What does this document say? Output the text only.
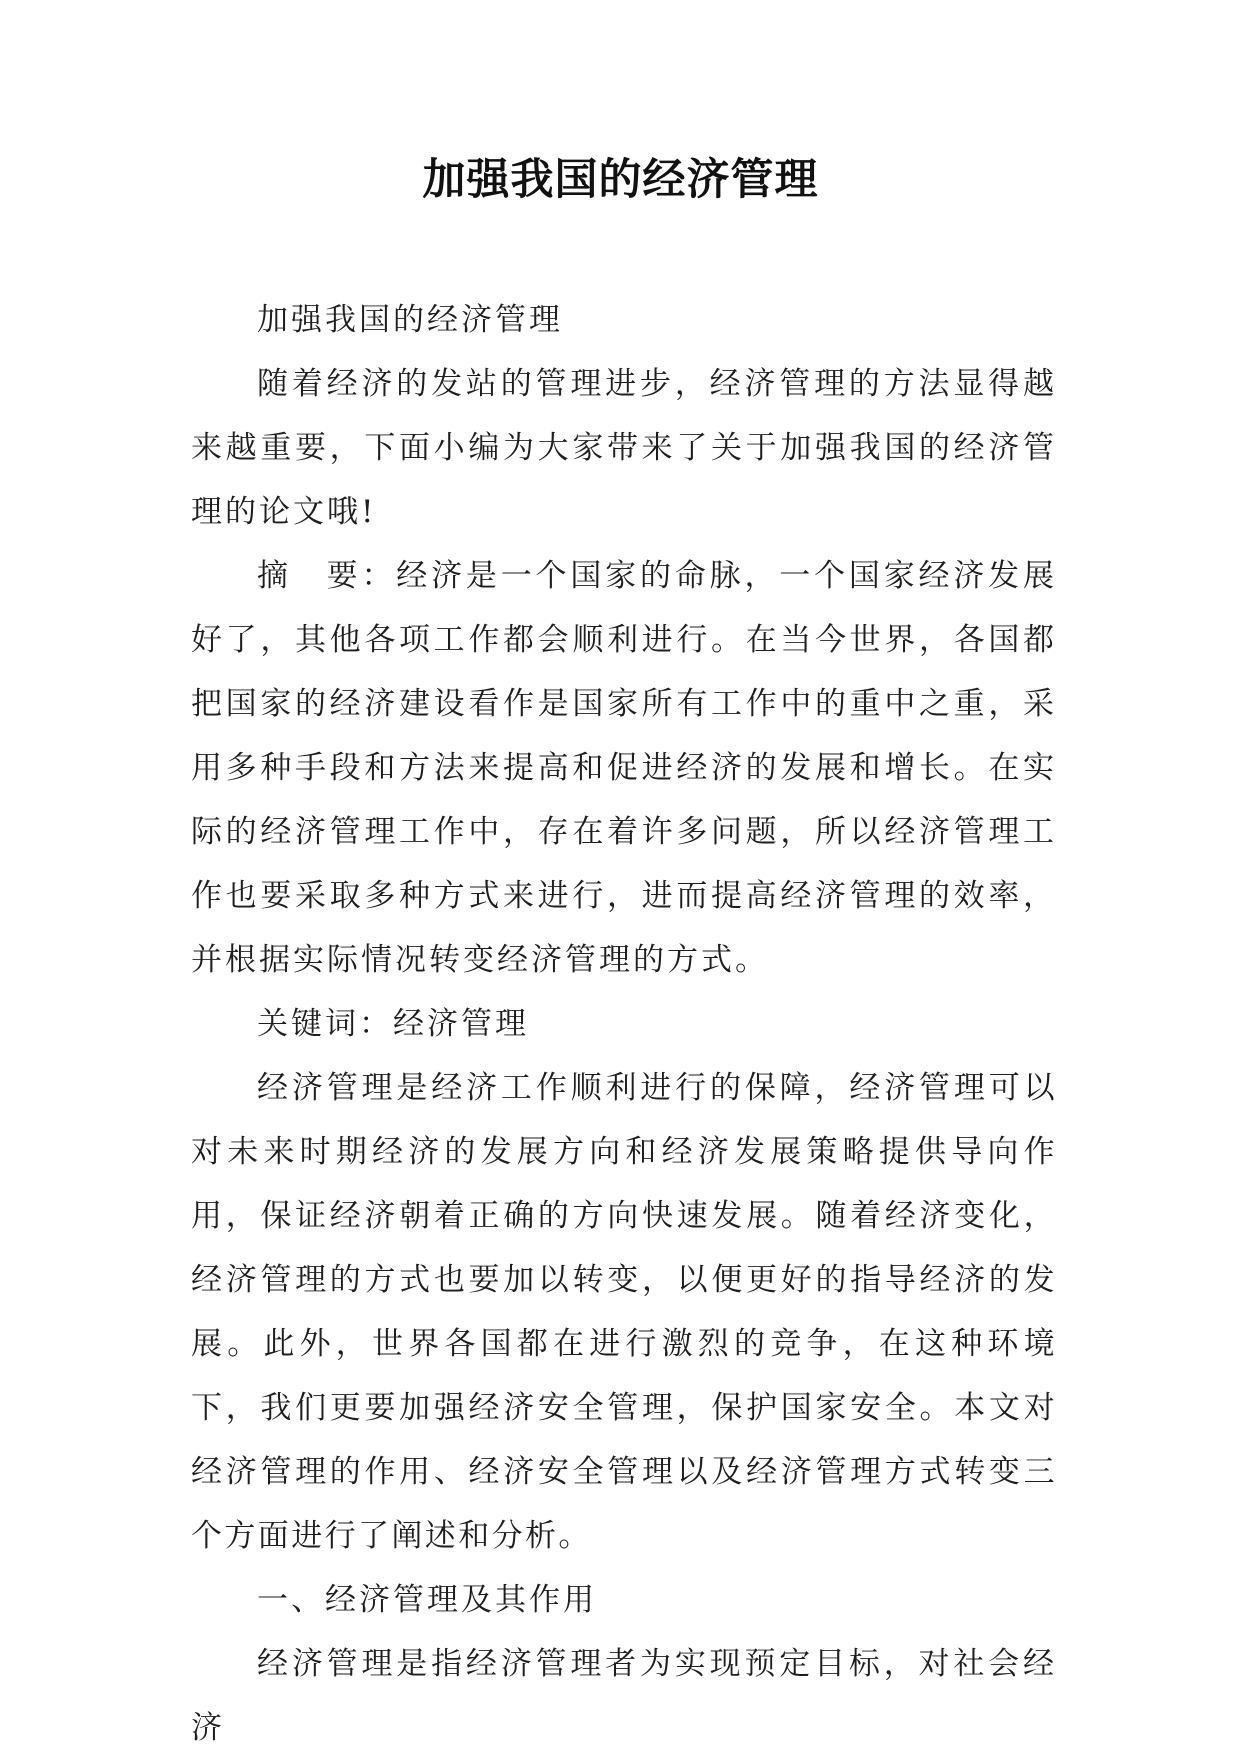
加强我国的经济管理

加强我国的经济管理

随着经济的发站的管理进步，经济管理的方法显得越来越重要，下面小编为大家带来了关于加强我国的经济管理的论文哦!

摘　要：经济是一个国家的命脉，一个国家经济发展好了，其他各项工作都会顺利进行。在当今世界，各国都把国家的经济建设看作是国家所有工作中的重中之重，采用多种手段和方法来提高和促进经济的发展和增长。在实际的经济管理工作中，存在着许多问题，所以经济管理工作也要采取多种方式来进行，进而提高经济管理的效率，并根据实际情况转变经济管理的方式。

关键词：经济管理

经济管理是经济工作顺利进行的保障，经济管理可以对未来时期经济的发展方向和经济发展策略提供导向作用，保证经济朝着正确的方向快速发展。随着经济变化，经济管理的方式也要加以转变，以便更好的指导经济的发展。此外，世界各国都在进行激烈的竞争，在这种环境下，我们更要加强经济安全管理，保护国家安全。本文对经济管理的作用、经济安全管理以及经济管理方式转变三个方面进行了阐述和分析。

一、经济管理及其作用

经济管理是指经济管理者为实现预定目标，对社会经济
